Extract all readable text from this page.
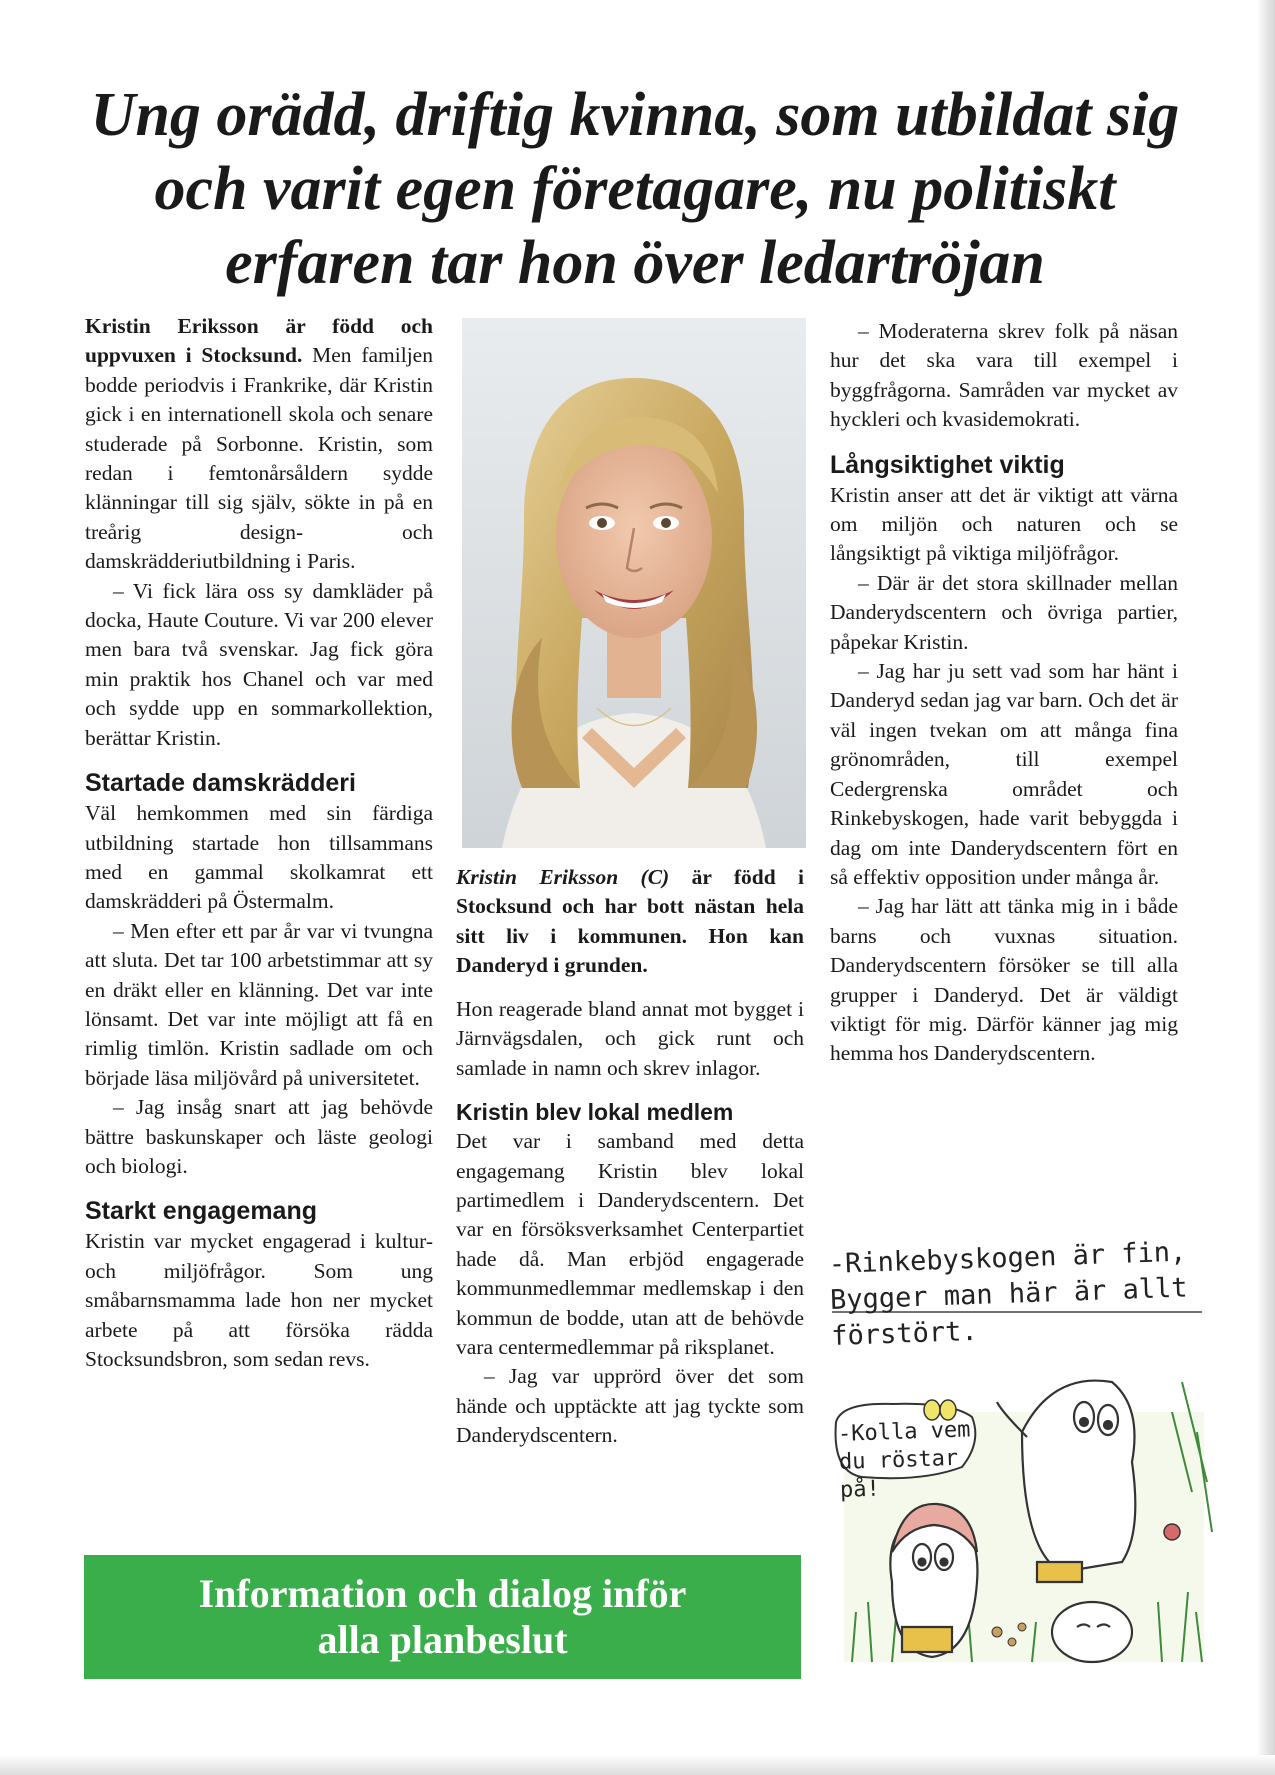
Ung orädd, driftig kvinna, som utbildat sig och varit egen företagare, nu politiskt erfaren tar hon över ledartröjan

Kristin Eriksson är född och uppvuxen i Stocksund. Men familjen bodde periodvis i Frankrike, där Kristin gick i en internationell skola och senare studerade på Sorbonne. Kristin, som redan i femtonårsåldern sydde klänningar till sig själv, sökte in på en treårig design- och damskrädderiutbildning i Paris.

– Vi fick lära oss sy damkläder på docka, Haute Couture. Vi var 200 elever men bara två svenskar. Jag fick göra min praktik hos Chanel och var med och sydde upp en sommarkollektion, berättar Kristin.

Startade damskrädderi

Väl hemkommen med sin färdiga utbildning startade hon tillsammans med en gammal skolkamrat ett damskrädderi på Östermalm.

– Men efter ett par år var vi tvungna att sluta. Det tar 100 arbetstimmar att sy en dräkt eller en klänning. Det var inte lönsamt. Det var inte möjligt att få en rimlig timlön. Kristin sadlade om och började läsa miljövård på universitetet.

– Jag insåg snart att jag behövde bättre baskunskaper och läste geologi och biologi.

Starkt engagemang

Kristin var mycket engagerad i kultur- och miljöfrågor. Som ung småbarnsmamma lade hon ner mycket arbete på att försöka rädda Stocksundsbron, som sedan revs.

Kristin Eriksson (C) är född i Stocksund och har bott nästan hela sitt liv i kommunen. Hon kan Danderyd i grunden.

Hon reagerade bland annat mot bygget i Järnvägsdalen, och gick runt och samlade in namn och skrev inlagor.

Kristin blev lokal medlem

Det var i samband med detta engagemang Kristin blev lokal partimedlem i Danderydscentern. Det var en försöksverksamhet Centerpartiet hade då. Man erbjöd engagerade kommunmedlemmar medlemskap i den kommun de bodde, utan att de behövde vara centermedlemmar på riksplanet.

– Jag var upprörd över det som hände och upptäckte att jag tyckte som Danderydscentern.

– Moderaterna skrev folk på näsan hur det ska vara till exempel i byggfrågorna. Samråden var mycket av hyckleri och kvasidemokrati.

Långsiktighet viktig

Kristin anser att det är viktigt att värna om miljön och naturen och se långsiktigt på viktiga miljöfrågor.

– Där är det stora skillnader mellan Danderydscentern och övriga partier, påpekar Kristin.

– Jag har ju sett vad som har hänt i Danderyd sedan jag var barn. Och det är väl ingen tvekan om att många fina grönområden, till exempel Cedergrenska området och Rinkebyskogen, hade varit bebyggda i dag om inte Danderydscentern fört en så effektiv opposition under många år.

– Jag har lätt att tänka mig in i både barns och vuxnas situation. Danderydscentern försöker se till alla grupper i Danderyd. Det är väldigt viktigt för mig. Därför känner jag mig hemma hos Danderydscentern.

Information och dialog inför
alla planbeslut
-Rinkebyskogen är fin,
Bygger man här är allt
förstört.
-Kolla vem
du röstar på!
